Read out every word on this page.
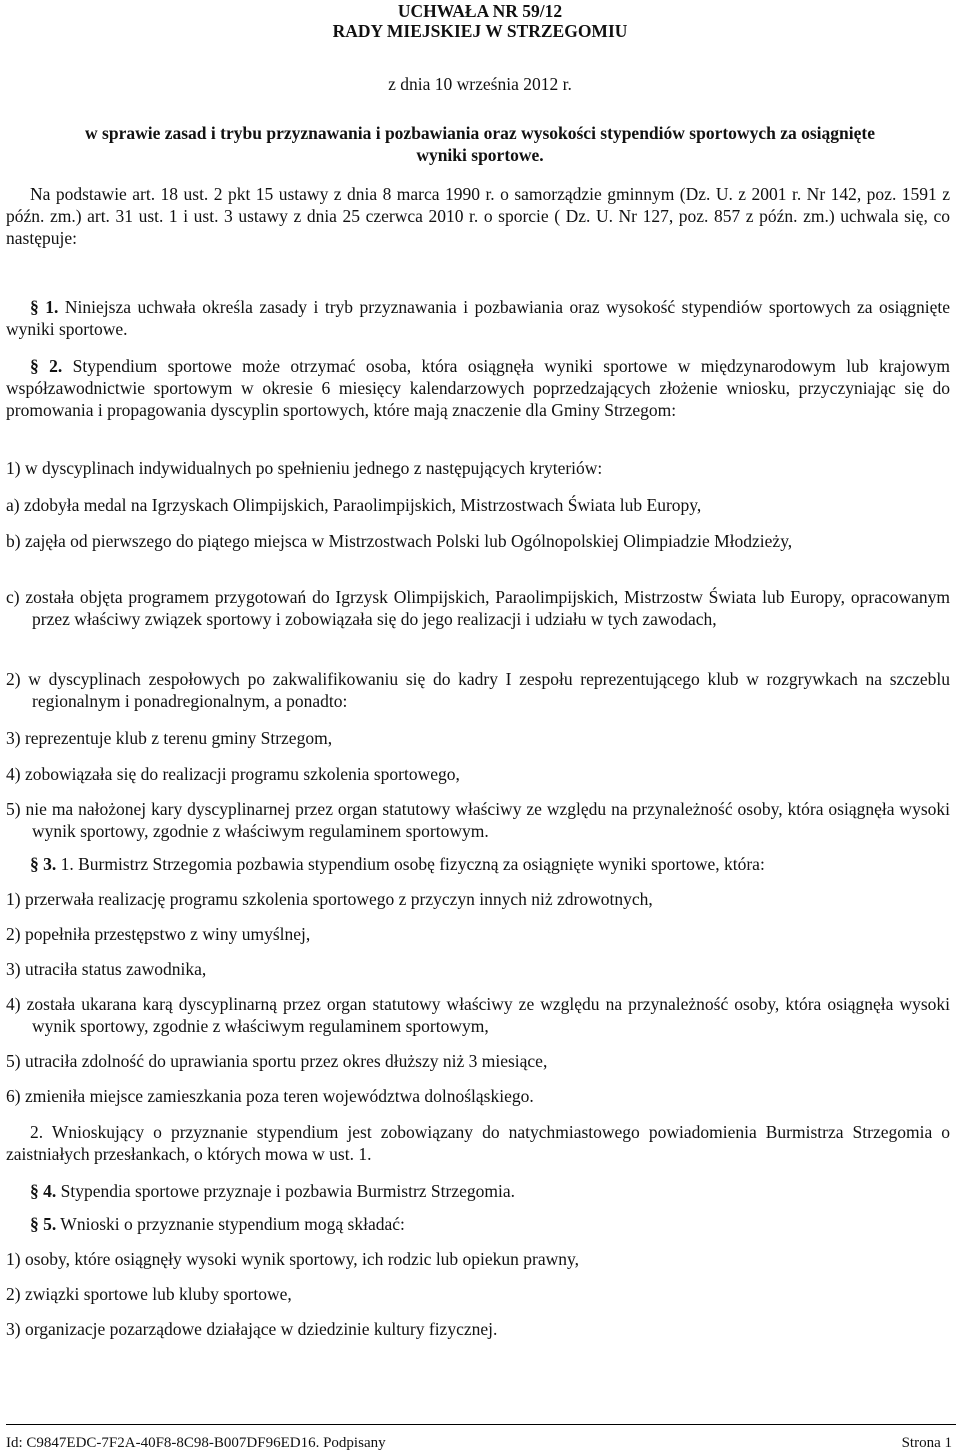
UCHWAŁA NR 59/12
RADY MIEJSKIEJ W STRZEGOMIU
z dnia 10 września 2012 r.
w sprawie zasad i trybu przyznawania i pozbawiania oraz wysokości stypendiów sportowych za osiągnięte wyniki sportowe.
Na podstawie art. 18 ust. 2 pkt 15 ustawy z dnia 8 marca 1990 r. o samorządzie gminnym (Dz. U. z 2001 r. Nr 142, poz. 1591 z późn. zm.) art. 31 ust. 1 i ust. 3 ustawy z dnia 25 czerwca 2010 r. o sporcie ( Dz. U. Nr 127, poz. 857 z późn. zm.) uchwala się, co następuje:
§ 1. Niniejsza uchwała określa zasady i tryb przyznawania i pozbawiania oraz wysokość stypendiów sportowych za osiągnięte wyniki sportowe.
§ 2. Stypendium sportowe może otrzymać osoba, która osiągnęła wyniki sportowe w międzynarodowym lub krajowym współzawodnictwie sportowym w okresie 6 miesięcy kalendarzowych poprzedzających złożenie wniosku, przyczyniając się do promowania i propagowania dyscyplin sportowych, które mają znaczenie dla Gminy Strzegom:
1) w dyscyplinach indywidualnych po spełnieniu jednego z następujących kryteriów:
a) zdobyła medal na Igrzyskach Olimpijskich, Paraolimpijskich, Mistrzostwach Świata lub Europy,
b) zajęła od pierwszego do piątego miejsca w Mistrzostwach Polski lub Ogólnopolskiej Olimpiadzie Młodzieży,
c) została objęta programem przygotowań do Igrzysk Olimpijskich, Paraolimpijskich, Mistrzostw Świata lub Europy, opracowanym przez właściwy związek sportowy i zobowiązała się do jego realizacji i udziału w tych zawodach,
2) w dyscyplinach zespołowych po zakwalifikowaniu się do kadry I zespołu reprezentującego klub w rozgrywkach na szczeblu regionalnym i ponadregionalnym, a ponadto:
3) reprezentuje klub z terenu gminy Strzegom,
4) zobowiązała się do realizacji programu szkolenia sportowego,
5) nie ma nałożonej kary dyscyplinarnej przez organ statutowy właściwy ze względu na przynależność osoby, która osiągnęła wysoki wynik sportowy, zgodnie z właściwym regulaminem sportowym.
§ 3. 1. Burmistrz Strzegomia pozbawia stypendium osobę fizyczną za osiągnięte wyniki sportowe, która:
1) przerwała realizację programu szkolenia sportowego z przyczyn innych niż zdrowotnych,
2) popełniła przestępstwo z winy umyślnej,
3) utraciła status zawodnika,
4) została ukarana karą dyscyplinarną przez organ statutowy właściwy ze względu na przynależność osoby, która osiągnęła wysoki wynik sportowy, zgodnie z właściwym regulaminem sportowym,
5) utraciła zdolność do uprawiania sportu przez okres dłuższy niż 3 miesiące,
6) zmieniła miejsce zamieszkania poza teren województwa dolnośląskiego.
2. Wnioskujący o przyznanie stypendium jest zobowiązany do natychmiastowego powiadomienia Burmistrza Strzegomia o zaistniałych przesłankach, o których mowa w ust. 1.
§ 4. Stypendia sportowe przyznaje i pozbawia Burmistrz Strzegomia.
§ 5. Wnioski o przyznanie stypendium mogą składać:
1) osoby, które osiągnęły wysoki wynik sportowy, ich rodzic lub opiekun prawny,
2) związki sportowe lub kluby sportowe,
3) organizacje pozarządowe działające w dziedzinie kultury fizycznej.
Id: C9847EDC-7F2A-40F8-8C98-B007DF96ED16. Podpisany	Strona 1
